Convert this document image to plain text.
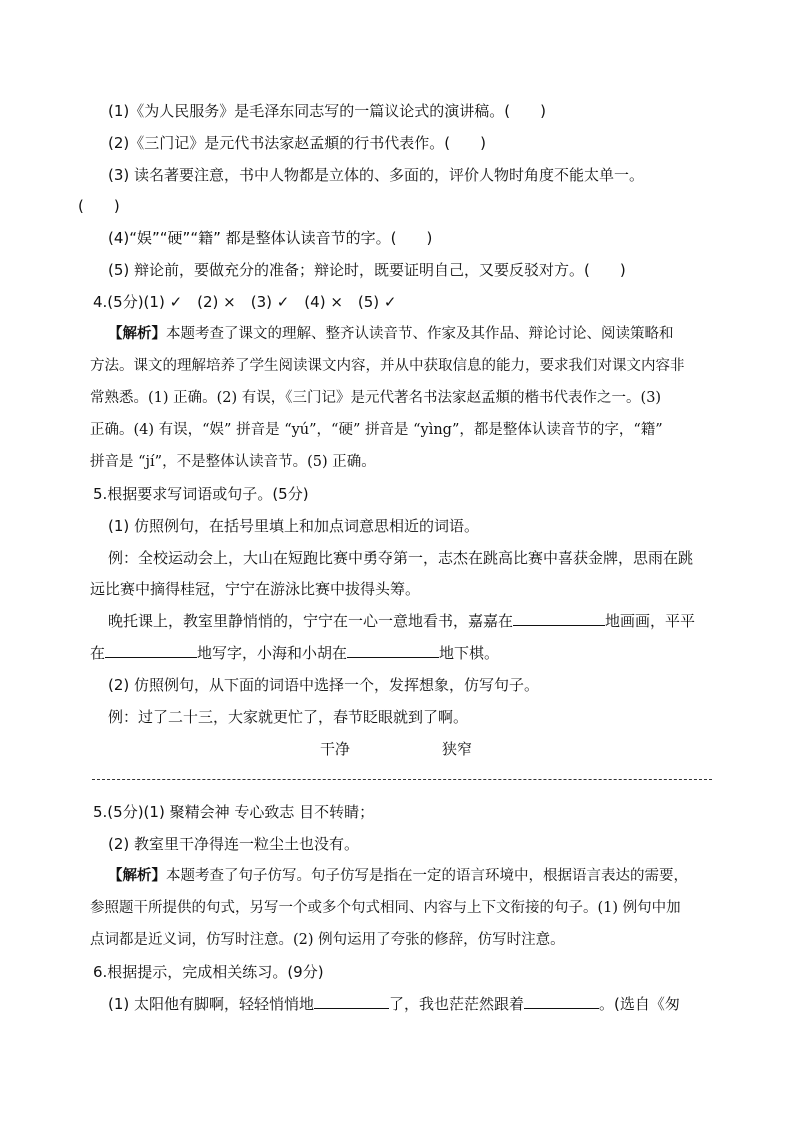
(1)《为人民服务》是毛泽东同志写的一篇议论式的演讲稿。(　　)
(2)《三门记》是元代书法家赵孟頫的行书代表作。(　　)
(3) 读名著要注意，书中人物都是立体的、多面的，评价人物时角度不能太单一。
(　　)
(4)“娱”“硬”“籍” 都是整体认读音节的字。(　　)
(5) 辩论前，要做充分的准备；辩论时，既要证明自己，又要反驳对方。(　　)
4.(5分)(1) ✓　(2) ×　(3) ✓　(4) ×　(5) ✓
【解析】本题考查了课文的理解、整齐认读音节、作家及其作品、辩论讨论、阅读策略和
方法。课文的理解培养了学生阅读课文内容，并从中获取信息的能力，要求我们对课文内容非
常熟悉。(1) 正确。(2) 有误，《三门记》是元代著名书法家赵孟頫的楷书代表作之一。(3)
正确。(4) 有误，“娱” 拼音是 “yú”，“硬” 拼音是 “yìng”，都是整体认读音节的字，“籍”
拼音是 “jí”，不是整体认读音节。(5) 正确。
5.根据要求写词语或句子。(5分)
(1) 仿照例句，在括号里填上和加点词意思相近的词语。
例：全校运动会上，大山在短跑比赛中勇夺第一，志杰在跳高比赛中喜获金牌，思雨在跳
远比赛中摘得桂冠，宁宁在游泳比赛中拔得头筹。
晚托课上，教室里静悄悄的，宁宁在一心一意地看书，嘉嘉在	地画画，平平
在	地写字，小海和小胡在	地下棋。
(2) 仿照例句，从下面的词语中选择一个，发挥想象，仿写句子。
例：过了二十三，大家就更忙了，春节眨眼就到了啊。
干净	狭窄
5.(5分)(1) 聚精会神 专心致志 目不转睛；
(2) 教室里干净得连一粒尘土也没有。
【解析】本题考查了句子仿写。句子仿写是指在一定的语言环境中，根据语言表达的需要，
参照题干所提供的句式，另写一个或多个句式相同、内容与上下文衔接的句子。(1) 例句中加
点词都是近义词，仿写时注意。(2) 例句运用了夸张的修辞，仿写时注意。
6.根据提示，完成相关练习。(9分)
(1) 太阳他有脚啊，轻轻悄悄地	了，我也茫茫然跟着	。(选自《匆
